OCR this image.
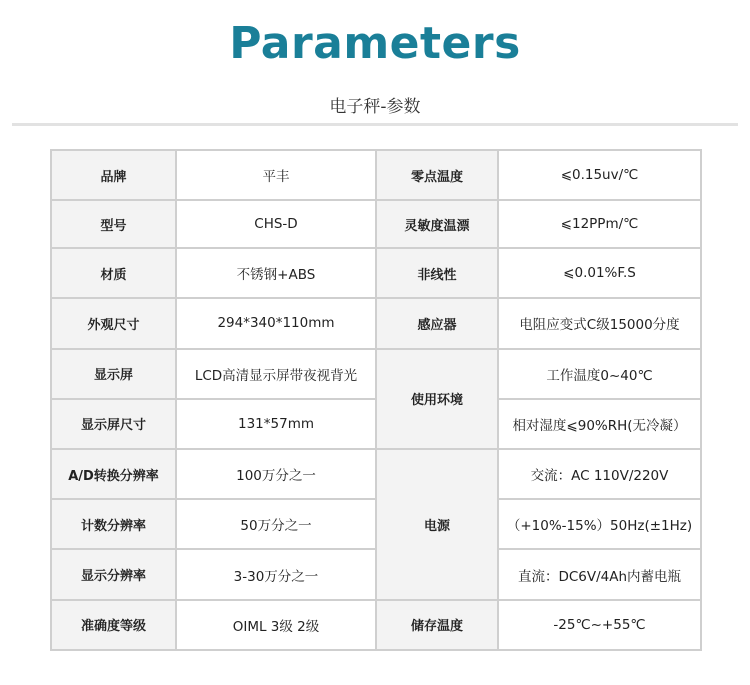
Parameters
电子秤-参数
品牌	平丰	零点温度	⩽0.15uv/℃
型号	CHS-D	灵敏度温漂	⩽12PPm/℃
材质	不锈钢+ABS	非线性	⩽0.01%F.S
外观尺寸	294*340*110mm	感应器	电阻应变式C级15000分度
显示屏	LCD高清显示屏带夜视背光	使用环境	工作温度0~40℃
显示屏尺寸	131*57mm		相对湿度⩽90%RH(无冷凝）
A/D转换分辨率	100万分之一	电源	交流：AC 110V/220V
计数分辨率	50万分之一		（+10%-15%）50Hz(±1Hz)
显示分辨率	3-30万分之一		直流：DC6V/4Ah内蓄电瓶
准确度等级	OIML 3级 2级	储存温度	-25℃~+55℃
